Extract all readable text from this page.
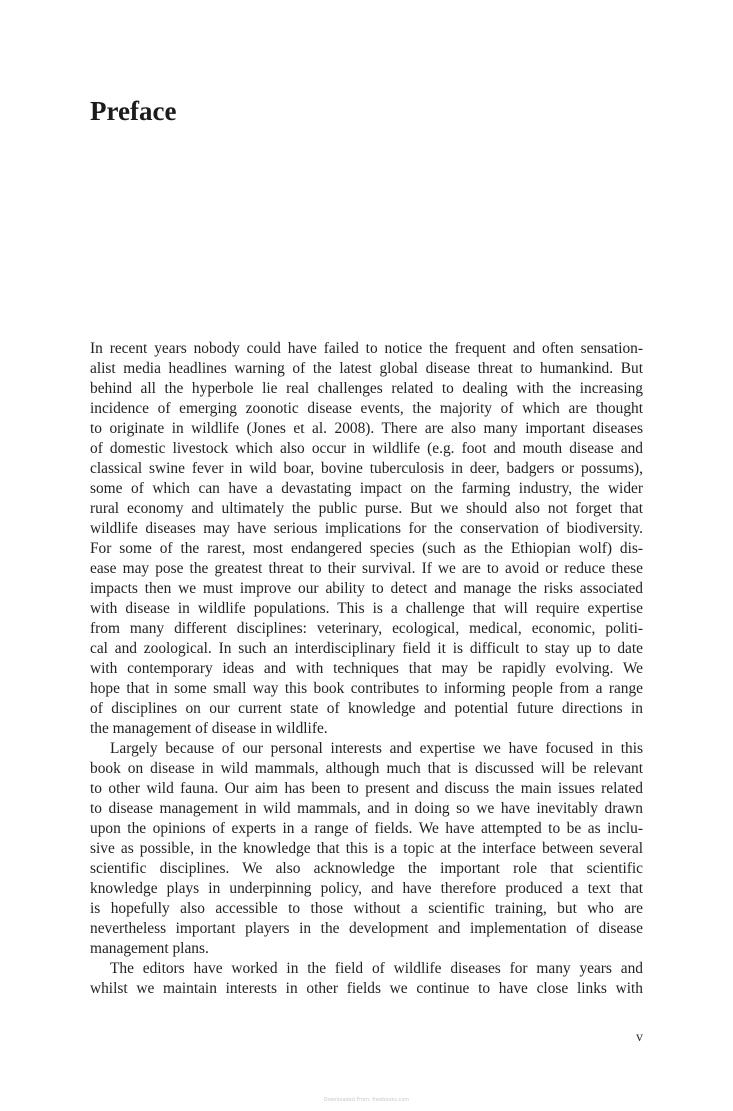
Preface
In recent years nobody could have failed to notice the frequent and often sensation-
alist media headlines warning of the latest global disease threat to humankind. But
behind all the hyperbole lie real challenges related to dealing with the increasing
incidence of emerging zoonotic disease events, the majority of which are thought
to originate in wildlife (Jones et al. 2008). There are also many important diseases
of domestic livestock which also occur in wildlife (e.g. foot and mouth disease and
classical swine fever in wild boar, bovine tuberculosis in deer, badgers or possums),
some of which can have a devastating impact on the farming industry, the wider
rural economy and ultimately the public purse. But we should also not forget that
wildlife diseases may have serious implications for the conservation of biodiversity.
For some of the rarest, most endangered species (such as the Ethiopian wolf) dis-
ease may pose the greatest threat to their survival. If we are to avoid or reduce these
impacts then we must improve our ability to detect and manage the risks associated
with disease in wildlife populations. This is a challenge that will require expertise
from many different disciplines: veterinary, ecological, medical, economic, politi-
cal and zoological. In such an interdisciplinary field it is difficult to stay up to date
with contemporary ideas and with techniques that may be rapidly evolving. We
hope that in some small way this book contributes to informing people from a range
of disciplines on our current state of knowledge and potential future directions in
the management of disease in wildlife.
Largely because of our personal interests and expertise we have focused in this
book on disease in wild mammals, although much that is discussed will be relevant
to other wild fauna. Our aim has been to present and discuss the main issues related
to disease management in wild mammals, and in doing so we have inevitably drawn
upon the opinions of experts in a range of fields. We have attempted to be as inclu-
sive as possible, in the knowledge that this is a topic at the interface between several
scientific disciplines. We also acknowledge the important role that scientific
knowledge plays in underpinning policy, and have therefore produced a text that
is hopefully also accessible to those without a scientific training, but who are
nevertheless important players in the development and implementation of disease
management plans.
The editors have worked in the field of wildlife diseases for many years and
whilst we maintain interests in other fields we continue to have close links with
v
Downloaded From: freebooks.com
